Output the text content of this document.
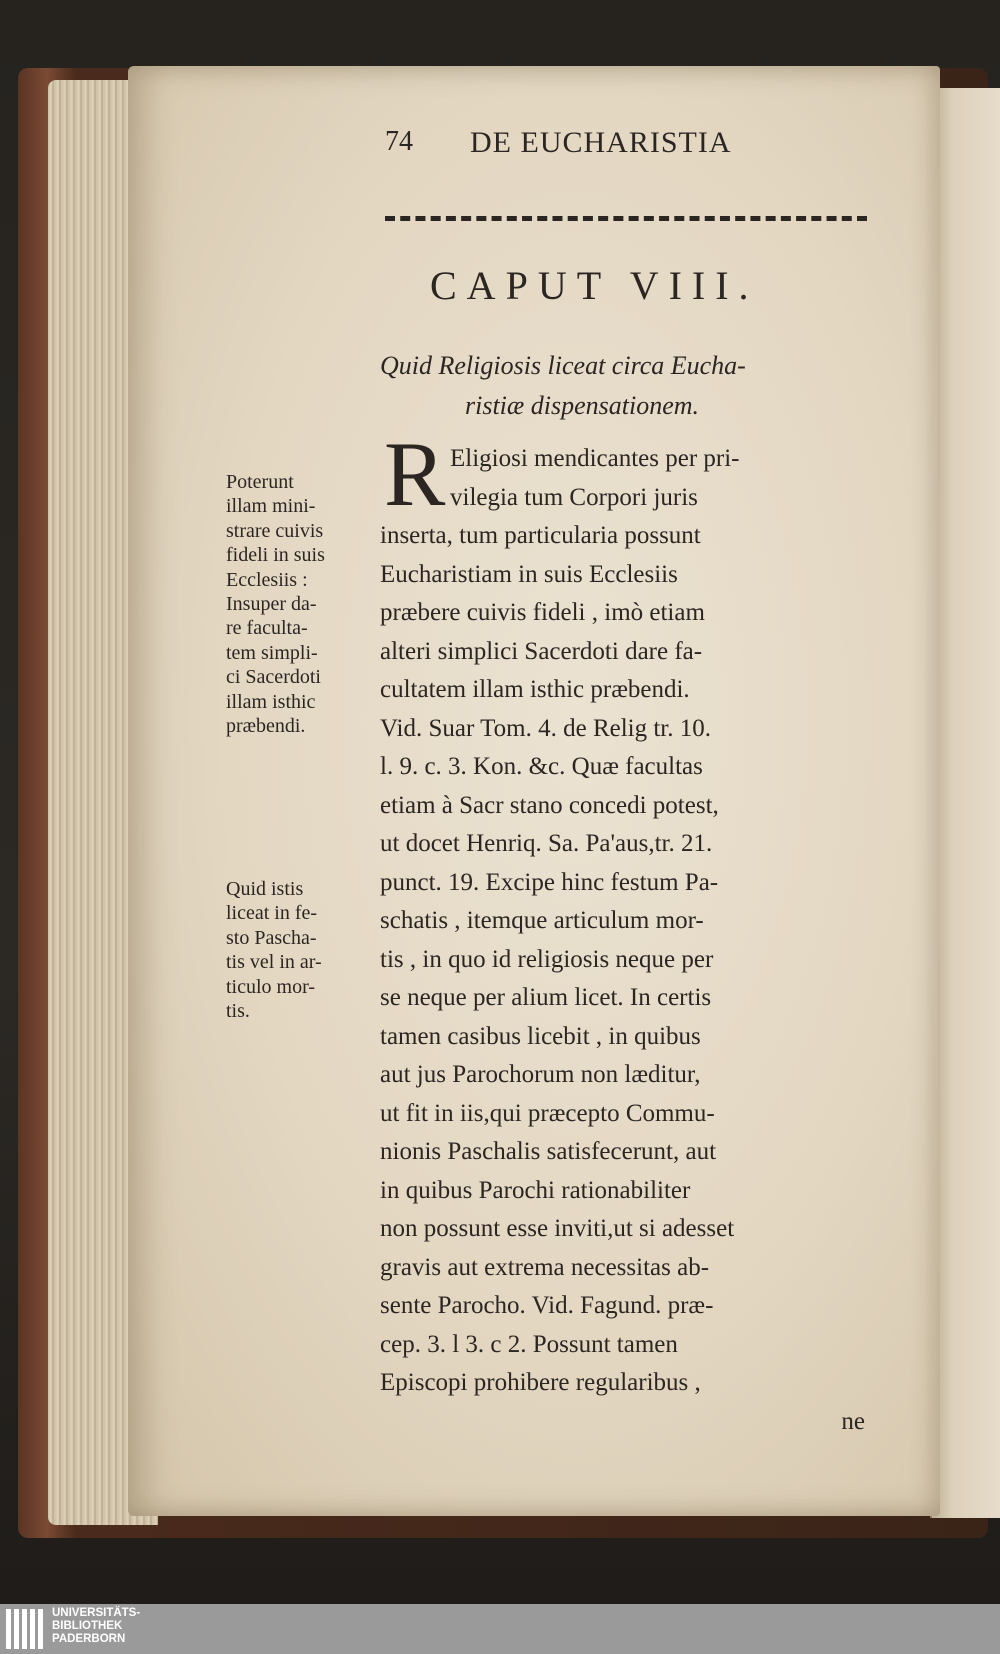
74 DE EUCHARISTIA
CAPUT VIII.
Quid Religiosis liceat circa Eucha-
ristiæ dispensationem.
R Eligiosi mendicantes per pri-
vilegia tum Corpori juris
inserta, tum particularia possunt
Eucharistiam in suis Ecclesiis
præbere cuivis fideli , imò etiam
alteri simplici Sacerdoti dare fa-
cultatem illam isthic præbendi.
Vid. Suar Tom. 4. de Relig tr. 10.
l. 9. c. 3. Kon. &c. Quæ facultas
etiam à Sacr stano concedi potest,
ut docet Henriq. Sa. Pa'aus,tr. 21.
punct. 19. Excipe hinc festum Pa-
schatis , itemque articulum mor-
tis , in quo id religiosis neque per
se neque per alium licet. In certis
tamen casibus licebit , in quibus
aut jus Parochorum non læditur,
ut fit in iis,qui præcepto Commu-
nionis Paschalis satisfecerunt, aut
in quibus Parochi rationabiliter
non possunt esse inviti,ut si adesset
gravis aut extrema necessitas ab-
sente Parocho. Vid. Fagund. præ-
cep. 3. l 3. c 2. Possunt tamen
Episcopi prohibere regularibus ,
ne
Poterunt
illam mini-
strare cuivis
fideli in suis
Ecclesiis :
Insuper da-
re faculta-
tem simpli-
ci Sacerdoti
illam isthic
præbendi.
Quid istis
liceat in fe-
sto Pascha-
tis vel in ar-
ticulo mor-
tis.
UNIVERSITÄTS-
BIBLIOTHEK
PADERBORN
